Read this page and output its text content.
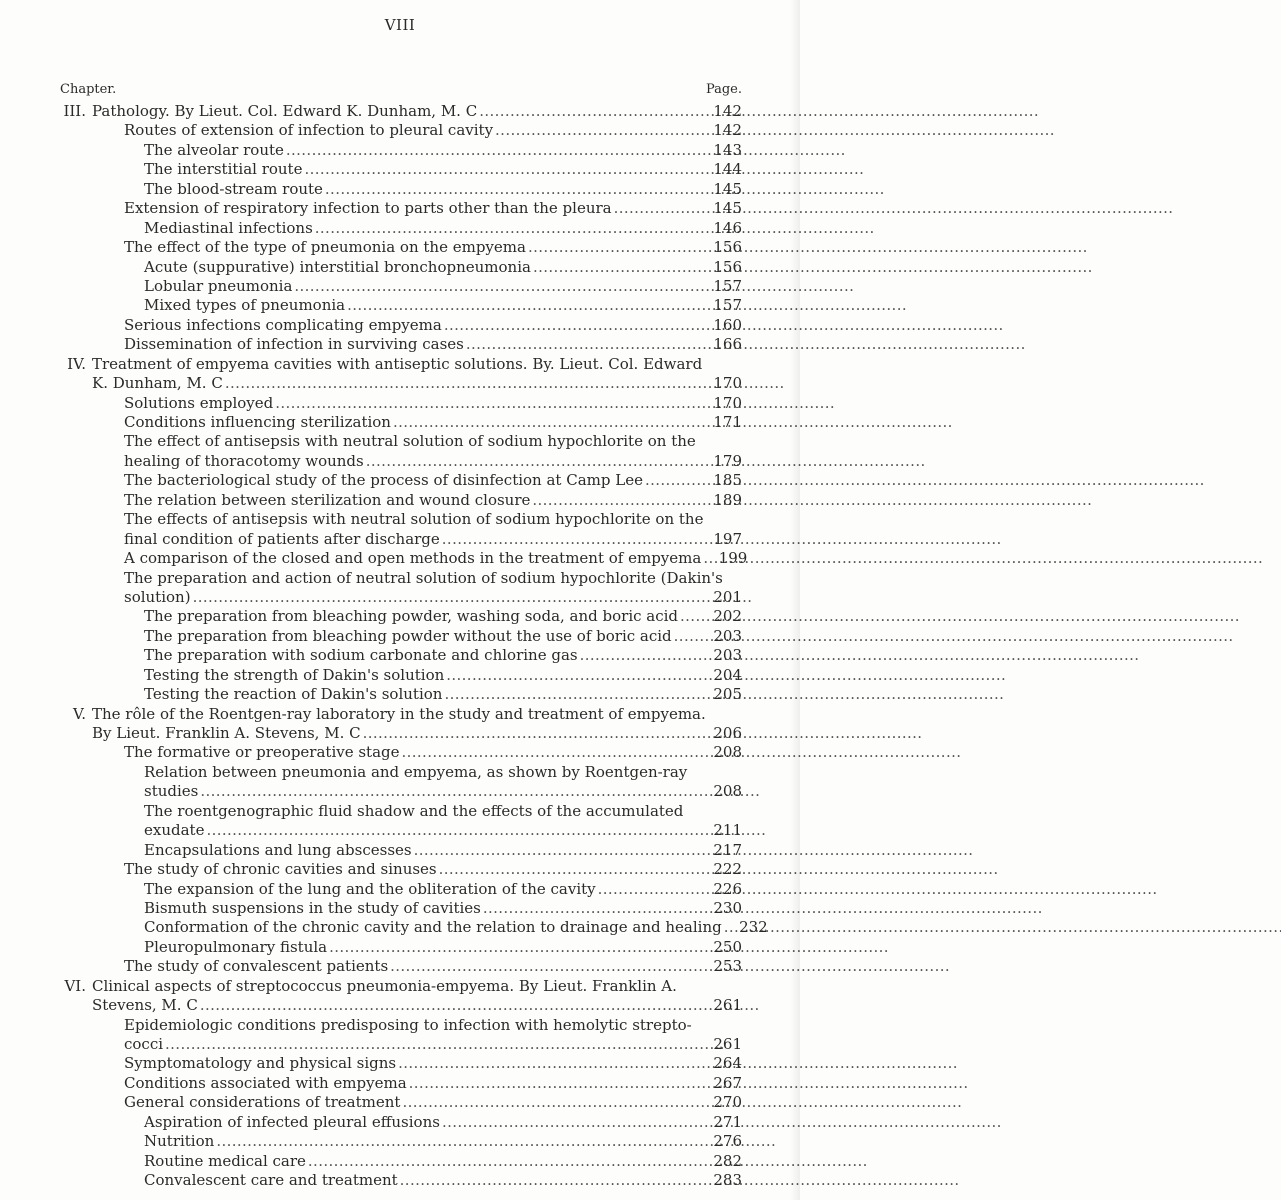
VIII
Chapter.	Page.
III. Pathology. By Lieut. Col. Edward K. Dunham, M. C . . .	142
Routes of extension of infection to pleural cavity . . .	142
The alveolar route . . .	143
The interstitial route . . .	144
The blood-stream route . . .	145
Extension of respiratory infection to parts other than the pleura . . .	145
Mediastinal infections . . .	146
The effect of the type of pneumonia on the empyema . . .	156
Acute (suppurative) interstitial bronchopneumonia . . .	156
Lobular pneumonia . . .	157
Mixed types of pneumonia . . .	157
Serious infections complicating empyema . . .	160
Dissemination of infection in surviving cases . . .	166
IV. Treatment of empyema cavities with antiseptic solutions. By. Lieut. Col. Edward
K. Dunham, M. C . . .	170
Solutions employed . . .	170
Conditions influencing sterilization . . .	171
The effect of antisepsis with neutral solution of sodium hypochlorite on the
healing of thoracotomy wounds . . .	179
The bacteriological study of the process of disinfection at Camp Lee . . .	185
The relation between sterilization and wound closure . . .	189
The effects of antisepsis with neutral solution of sodium hypochlorite on the
final condition of patients after discharge . . .	197
A comparison of the closed and open methods in the treatment of empyema . . .	199
The preparation and action of neutral solution of sodium hypochlorite (Dakin's
solution) . . .	201
The preparation from bleaching powder, washing soda, and boric acid . . .	202
The preparation from bleaching powder without the use of boric acid . . .	203
The preparation with sodium carbonate and chlorine gas . . .	203
Testing the strength of Dakin's solution . . .	204
Testing the reaction of Dakin's solution . . .	205
V. The rôle of the Roentgen-ray laboratory in the study and treatment of empyema.
By Lieut. Franklin A. Stevens, M. C . . .	206
The formative or preoperative stage . . .	208
Relation between pneumonia and empyema, as shown by Roentgen-ray
studies . . .	208
The roentgenographic fluid shadow and the effects of the accumulated
exudate . . .	211
Encapsulations and lung abscesses . . .	217
The study of chronic cavities and sinuses . . .	222
The expansion of the lung and the obliteration of the cavity . . .	226
Bismuth suspensions in the study of cavities . . .	230
Conformation of the chronic cavity and the relation to drainage and healing . . .	232
Pleuropulmonary fistula . . .	250
The study of convalescent patients . . .	253
VI. Clinical aspects of streptococcus pneumonia-empyema. By Lieut. Franklin A.
Stevens, M. C . . .	261
Epidemiologic conditions predisposing to infection with hemolytic strepto-
cocci . . .	261
Symptomatology and physical signs . . .	264
Conditions associated with empyema . . .	267
General considerations of treatment . . .	270
Aspiration of infected pleural effusions . . .	271
Nutrition . . .	276
Routine medical care . . .	282
Convalescent care and treatment . . .	283
